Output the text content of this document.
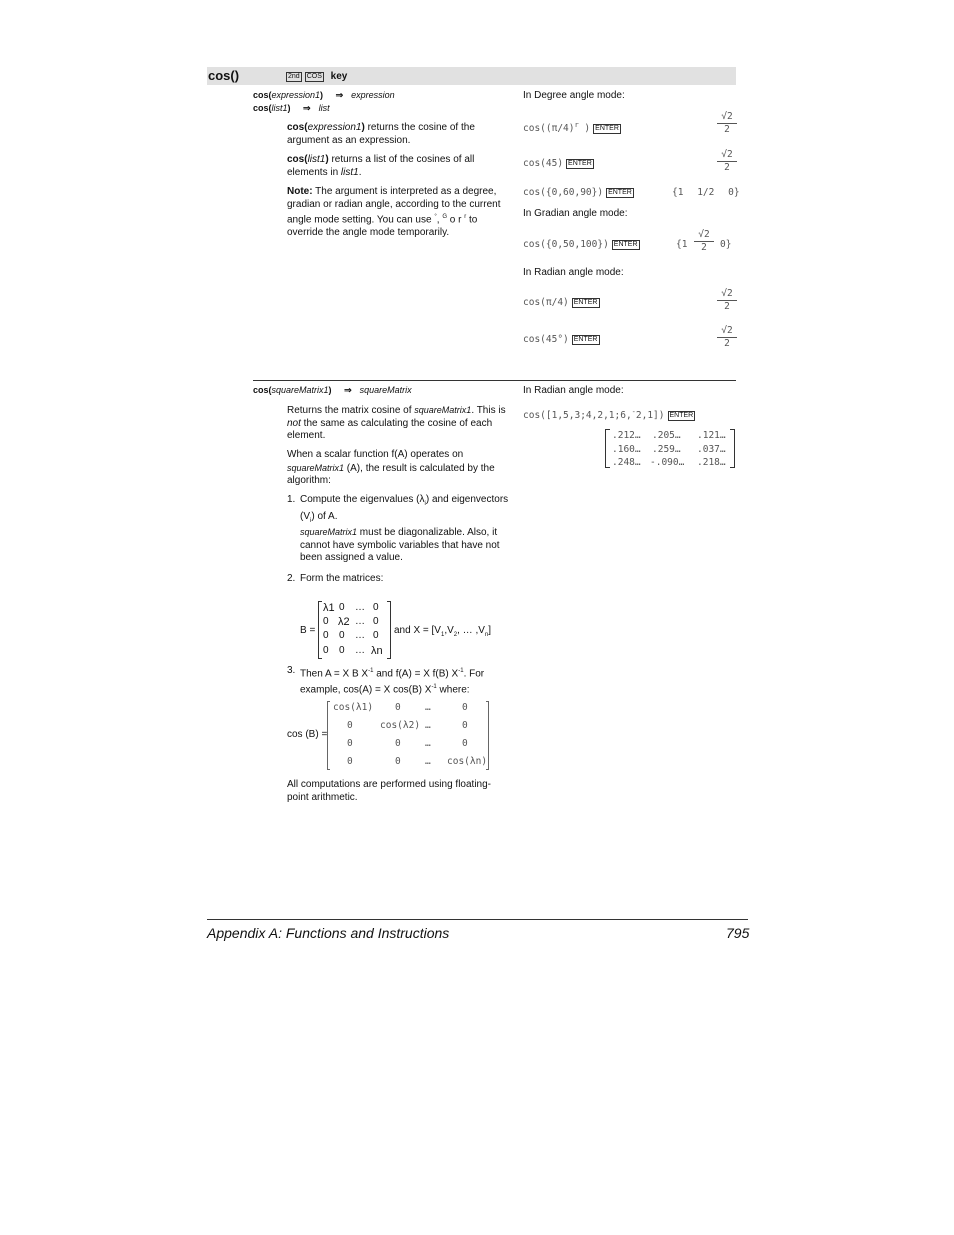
cos()	2nd COS key
cos(expression1) ⇒ expression
cos(list1) ⇒ list
cos(expression1) returns the cosine of the argument as an expression.
cos(list1) returns a list of the cosines of all elements in list1.
Note: The argument is interpreted as a degree, gradian or radian angle, according to the current angle mode setting. You can use °, $^G$ o r $^r$ to override the angle mode temporarily.
In Degree angle mode:
$\cos((\pi/4)^r$ ) ENTER	$\frac{√2}{2}$
cos(45) ENTER	$\frac{√2}{2}$
cos({0,60,90}) ENTER	{1 1/2 0}
In Gradian angle mode:
cos({0,50,100}) ENTER	$\{1 \frac{√2}{2} 0\}$
In Radian angle mode:
cos(π/4) ENTER	$\frac{√2}{2}$
cos(45°) ENTER	$\frac{√2}{2}$
cos(squareMatrix1) ⇒ squareMatrix	In Radian angle mode:
cos([1,5,3;4,2,1;6,-2,1]) ENTER
.212… .205… .121…
.160… .259… .037…
.248… -.090… .218…
Returns the matrix cosine of squareMatrix1. This is not the same as calculating the cosine of each element.
When a scalar function f(A) operates on squareMatrix1 (A), the result is calculated by the algorithm:
1. Compute the eigenvalues $(\lambda_i)$ and eigenvectors $(V_i)$ of A.
squareMatrix1 must be diagonalizable. Also, it cannot have symbolic variables that have not been assigned a value.
2. Form the matrices:
B =
λ1 0 … 0
0 λ2 … 0
0 0 … 0
0 0 … λn
and $X = [V_1,V_2$, … $,V_n$]
3. Then A = X B $X^{-1}$ and f(A) = X f(B) $X^{-1}$. For example, cos(A) = X cos(B) $X^{-1}$ where:
cos (B) =
cos(λ1) 0	…	0
0	cos(λ2) …	0
0	0	…	0
0	0	… cos(λn)
All computations are performed using floating-point arithmetic.
Appendix A: Functions and Instructions	795
